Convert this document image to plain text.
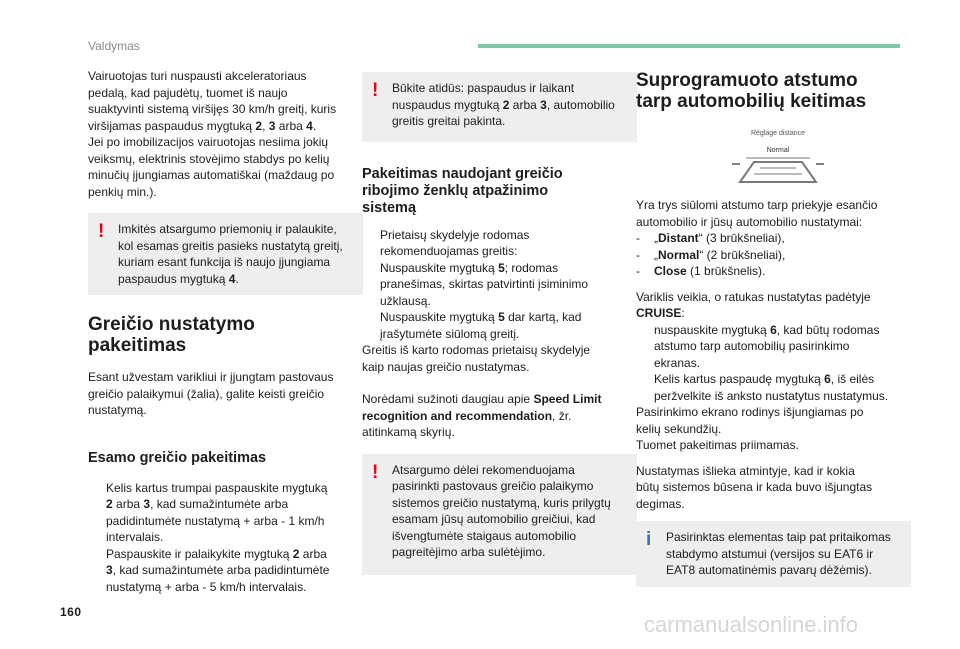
Valdymas

Vairuotojas turi nuspausti akceleratoriaus
pedalą, kad pajudėtų, tuomet iš naujo
suaktyvinti sistemą viršijęs 30 km/h greitį, kuris
viršijamas paspaudus mygtuką 2, 3 arba 4.
Jei po imobilizacijos vairuotojas nesiima jokių
veiksmų, elektrinis stovėjimo stabdys po kelių
minučių įjungiamas automatiškai (maždaug po
penkių min.).

! Imkitės atsargumo priemonių ir palaukite,
kol esamas greitis pasieks nustatytą greitį,
kuriam esant funkcija iš naujo įjungiama
paspaudus mygtuką 4.

Greičio nustatymo
pakeitimas

Esant užvestam varikliui ir įjungtam pastovaus
greičio palaikymui (žalia), galite keisti greičio
nustatymą.

Esamo greičio pakeitimas

Kelis kartus trumpai paspauskite mygtuką
2 arba 3, kad sumažintumėte arba
padidintumėte nustatymą + arba - 1 km/h
intervalais.

Paspauskite ir palaikykite mygtuką 2 arba
3, kad sumažintumėte arba padidintumėte
nustatymą + arba - 5 km/h intervalais.

! Būkite atidūs: paspaudus ir laikant
nuspaudus mygtuką 2 arba 3, automobilio
greitis greitai pakinta.

Pakeitimas naudojant greičio
ribojimo ženklų atpažinimo
sistemą

Prietaisų skydelyje rodomas
rekomenduojamas greitis:

Nuspauskite mygtuką 5; rodomas
pranešimas, skirtas patvirtinti įsiminimo
užklausą.

Nuspauskite mygtuką 5 dar kartą, kad
įrašytumėte siūlomą greitį.

Greitis iš karto rodomas prietaisų skydelyje
kaip naujas greičio nustatymas.

Norėdami sužinoti daugiau apie Speed Limit
recognition and recommendation, žr.
atitinkamą skyrių.

! Atsargumo dėlei rekomenduojama
pasirinkti pastovaus greičio palaikymo
sistemos greičio nustatymą, kuris prilygtų
esamam jūsų automobilio greičiui, kad
išvengtumėte staigaus automobilio
pagreitėjimo arba sulėtėjimo.

Suprogramuoto atstumo
tarp automobilių keitimas
Réglage distance
Normal

Yra trys siūlomi atstumo tarp priekyje esančio
automobilio ir jūsų automobilio nustatymai:

- „Distant“ (3 brūkšneliai),

- „Normal“ (2 brūkšneliai),

- Close (1 brūkšnelis).

Variklis veikia, o ratukas nustatytas padėtyje
CRUISE:

nuspauskite mygtuką 6, kad būtų rodomas
atstumo tarp automobilių pasirinkimo
ekranas.

Kelis kartus paspaudę mygtuką 6, iš eilės
peržvelkite iš anksto nustatytus nustatymus.

Pasirinkimo ekrano rodinys išjungiamas po
kelių sekundžių.
Tuomet pakeitimas priimamas.

Nustatymas išlieka atmintyje, kad ir kokia
būtų sistemos būsena ir kada buvo išjungtas
degimas.

i Pasirinktas elementas taip pat pritaikomas
stabdymo atstumui (versijos su EAT6 ir
EAT8 automatinėmis pavarų dėžėmis).

160	carmanualsonline.info
